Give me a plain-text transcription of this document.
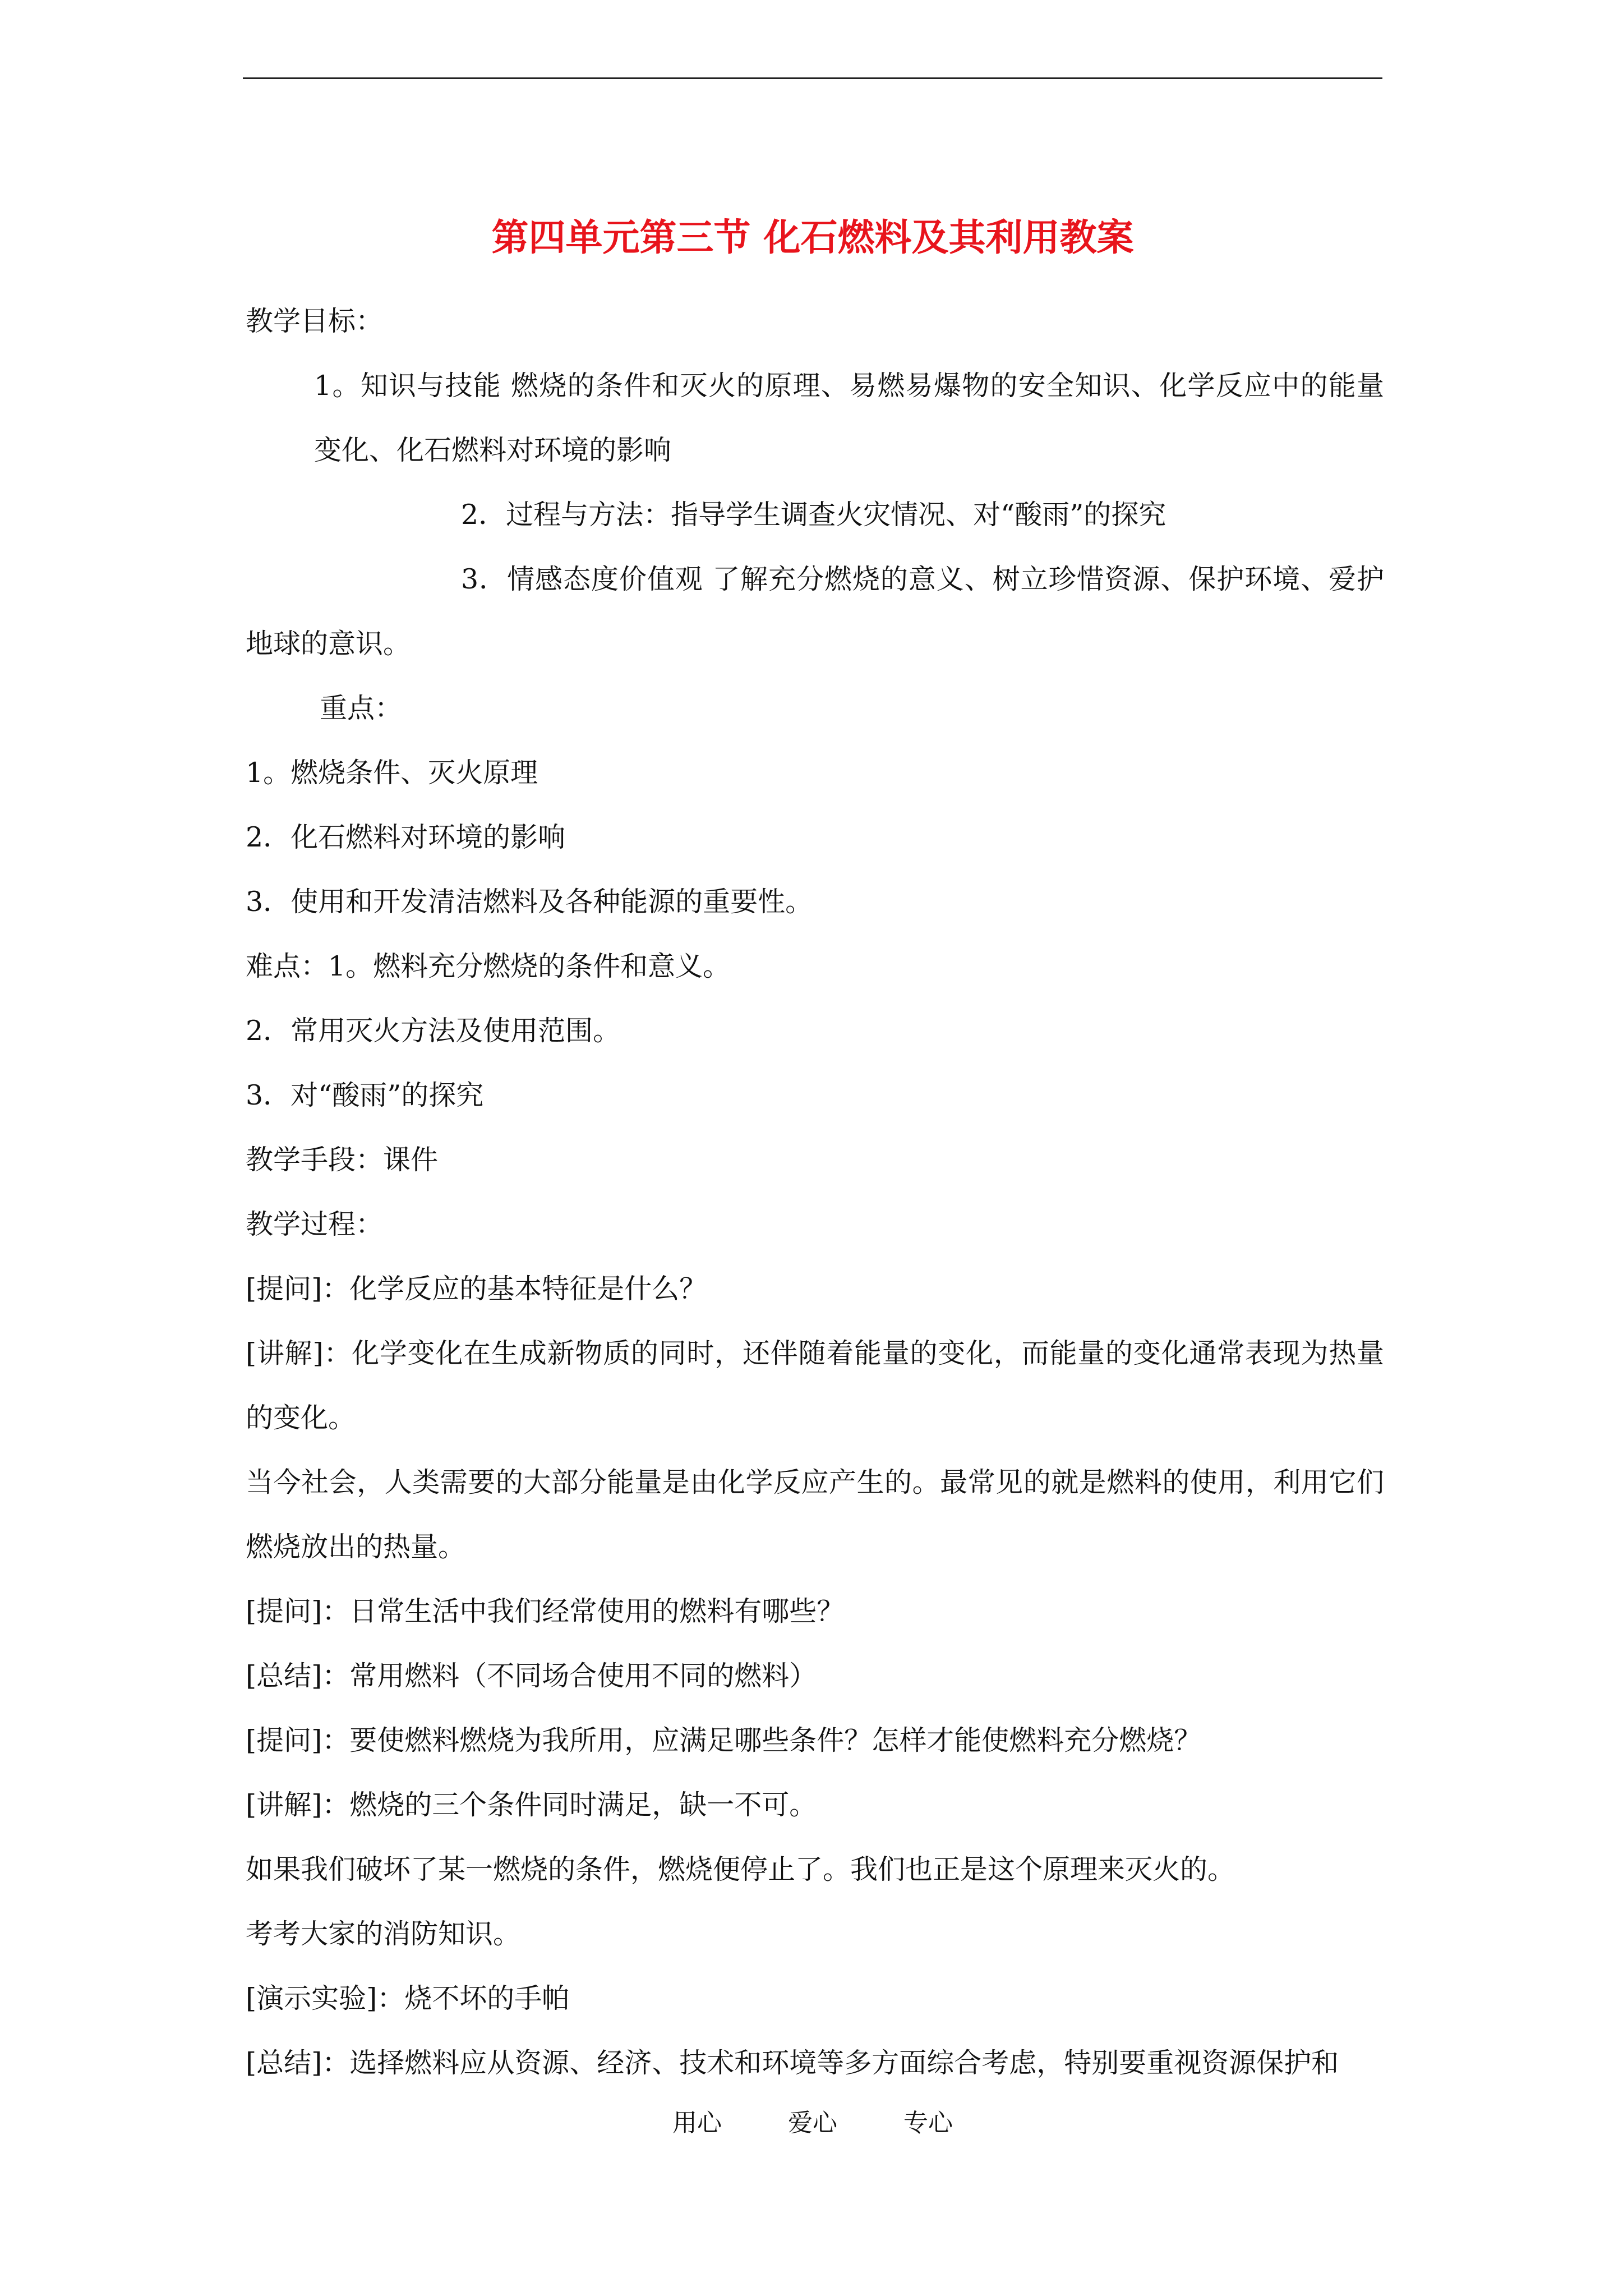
第四单元第三节 化石燃料及其利用教案

教学目标：

1。知识与技能 燃烧的条件和灭火的原理、易燃易爆物的安全知识、化学反应中的能量变化、化石燃料对环境的影响

2．过程与方法：指导学生调查火灾情况、对“酸雨”的探究

3．情感态度价值观 了解充分燃烧的意义、树立珍惜资源、保护环境、爱护地球的意识。

重点：

1。燃烧条件、灭火原理

2．化石燃料对环境的影响

3．使用和开发清洁燃料及各种能源的重要性。

难点：1。燃料充分燃烧的条件和意义。

2．常用灭火方法及使用范围。

3．对“酸雨”的探究

教学手段：课件

教学过程：

[提问]：化学反应的基本特征是什么？

[讲解]：化学变化在生成新物质的同时，还伴随着能量的变化，而能量的变化通常表现为热量的变化。

当今社会，人类需要的大部分能量是由化学反应产生的。最常见的就是燃料的使用，利用它们燃烧放出的热量。

[提问]：日常生活中我们经常使用的燃料有哪些？

[总结]：常用燃料（不同场合使用不同的燃料）

[提问]：要使燃料燃烧为我所用，应满足哪些条件？怎样才能使燃料充分燃烧？

[讲解]：燃烧的三个条件同时满足，缺一不可。

如果我们破坏了某一燃烧的条件，燃烧便停止了。我们也正是这个原理来灭火的。

考考大家的消防知识。

[演示实验]：烧不坏的手帕

[总结]：选择燃料应从资源、经济、技术和环境等多方面综合考虑，特别要重视资源保护和

用心	爱心	专心
